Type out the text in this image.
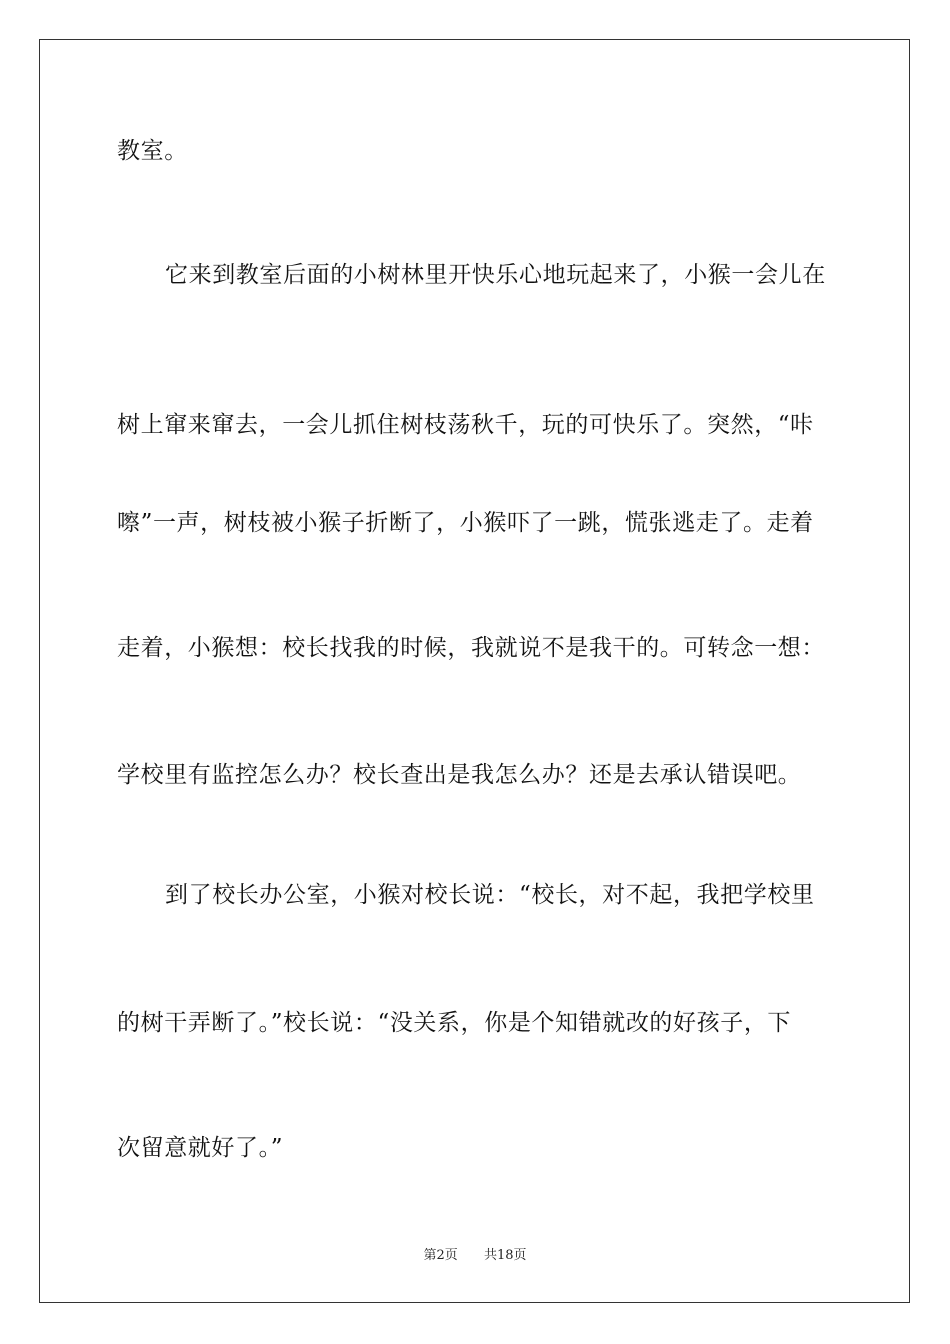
教室。
它来到教室后面的小树林里开快乐心地玩起来了，小猴一会儿在
树上窜来窜去，一会儿抓住树枝荡秋千，玩的可快乐了。突然，“咔
嚓”一声，树枝被小猴子折断了，小猴吓了一跳，慌张逃走了。走着
走着，小猴想：校长找我的时候，我就说不是我干的。可转念一想：
学校里有监控怎么办？校长查出是我怎么办？还是去承认错误吧。
到了校长办公室，小猴对校长说：“校长，对不起，我把学校里
的树干弄断了。”校长说：“没关系，你是个知错就改的好孩子，下
次留意就好了。”
第2页 共18页
